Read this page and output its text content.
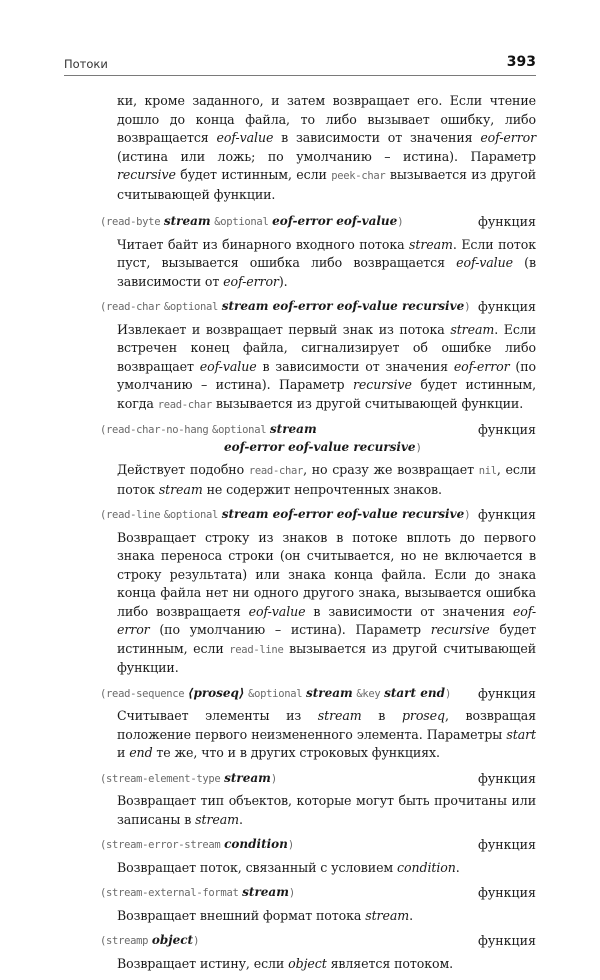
Потоки	393

ки, кроме заданного, и затем возвращает его. Если чтение дошло до конца файла, то либо вызывает ошибку, либо возвращается eof-value в зависимости от значения eof-error (истина или ложь; по умолчанию – истина). Параметр recursive будет истинным, если peek-char вызывается из другой считывающей функции.

(read-byte stream &optional eof-error eof-value)	функция

Читает байт из бинарного входного потока stream. Если поток пуст, вызывается ошибка либо возвращается eof-value (в зависимости от eof-error).

(read-char &optional stream eof-error eof-value recursive) функция

Извлекает и возвращает первый знак из потока stream. Если встречен конец файла, сигнализирует об ошибке либо возвращает eof-value в зависимости от значения eof-error (по умолчанию – истина). Параметр recursive будет истинным, когда read-char вызывается из другой считывающей функции.

(read-char-no-hang &optional stream
eof-error eof-value recursive)
функция

Действует подобно read-char, но сразу же возвращает nil, если поток stream не содержит непрочтенных знаков.

(read-line &optional stream eof-error eof-value recursive) функция

Возвращает строку из знаков в потоке вплоть до первого знака переноса строки (он считывается, но не включается в строку результата) или знака конца файла. Если до знака конца файла нет ни одного другого знака, вызывается ошибка либо возвращаетя eof-value в зависимости от значения eof-error (по умолчанию – истина). Параметр recursive будет истинным, если read-line вызывается из другой считывающей функции.

(read-sequence ⟨proseq⟩ &optional stream &key start end) функция

Считывает элементы из stream в proseq, возвращая положение первого неизмененного элемента. Параметры start и end те же, что и в других строковых функциях.

(stream-element-type stream)	функция

Возвращает тип объектов, которые могут быть прочитаны или записаны в stream.

(stream-error-stream condition)	функция

Возвращает поток, связанный с условием condition.

(stream-external-format stream)	функция

Возвращает внешний формат потока stream.

(streamp object)	функция

Возвращает истину, если object является потоком.
